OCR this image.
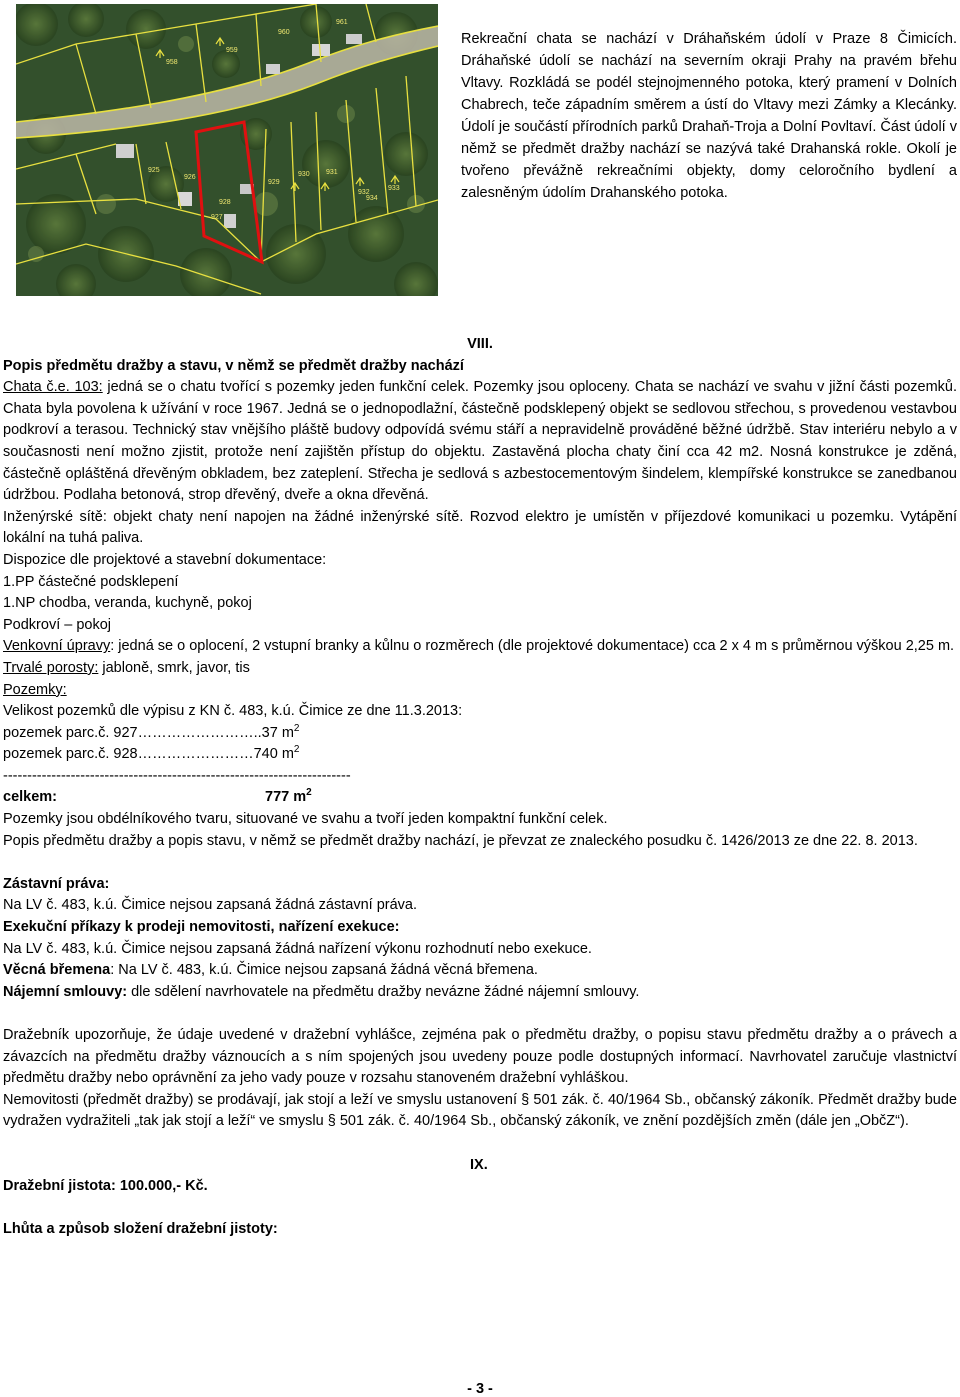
928
927
929
930 931
932
933
934
926
925
958
959
960
961
Rekreační chata se nachází v Dráhaňském údolí v Praze 8 Čimicích. Dráhaňské údolí se nachází na severním okraji Prahy na pravém břehu Vltavy. Rozkládá se podél stejnojmenného potoka, který pramení v Dolních Chabrech, teče západním směrem a ústí do Vltavy mezi Zámky a Klecánky. Údolí je součástí přírodních parků Drahaň-Troja a Dolní Povltaví. Část údolí v němž se předmět dražby nachází se nazývá také Drahanská rokle. Okolí je tvořeno převážně rekreačními objekty, domy celoročního bydlení a zalesněným údolím Drahanského potoka.

VIII.

Popis předmětu dražby a stavu, v němž se předmět dražby nachází

Chata č.e. 103: jedná se o chatu tvořící s pozemky jeden funkční celek. Pozemky jsou oploceny. Chata se nachází ve svahu v jižní části pozemků. Chata byla povolena k užívání v roce 1967. Jedná se o jednopodlažní, částečně podsklepený objekt se sedlovou střechou, s provedenou vestavbou podkroví a terasou. Technický stav vnějšího pláště budovy odpovídá svému stáří a nepravidelně prováděné běžné údržbě. Stav interiéru nebylo a v současnosti není možno zjistit, protože není zajištěn přístup do objektu. Zastavěná plocha chaty činí cca 42 m2. Nosná konstrukce je zděná, částečně opláštěná dřevěným obkladem, bez zateplení. Střecha je sedlová s azbestocementovým šindelem, klempířské konstrukce se zanedbanou údržbou. Podlaha betonová, strop dřevěný, dveře a okna dřevěná.

Inženýrské sítě: objekt chaty není napojen na žádné inženýrské sítě. Rozvod elektro je umístěn v příjezdové komunikaci u pozemku. Vytápění lokální na tuhá paliva.

Dispozice dle projektové a stavební dokumentace:

1.PP částečné podsklepení

1.NP chodba, veranda, kuchyně, pokoj

Podkroví – pokoj

Venkovní úpravy: jedná se o oplocení, 2 vstupní branky a kůlnu o rozměrech (dle projektové dokumentace) cca 2 x 4 m s průměrnou výškou 2,25 m.

Trvalé porosty: jabloně, smrk, javor, tis

Pozemky:

Velikost pozemků dle výpisu z KN č. 483, k.ú. Čimice ze dne 11.3.2013:

pozemek parc.č. 927……………………..37 $m^2$

pozemek parc.č. 928……………………740 $m^2$

------------------------------------------------------------------------

celkem:	777 $m^2$

Pozemky jsou obdélníkového tvaru, situované ve svahu a tvoří jeden kompaktní funkční celek.

Popis předmětu dražby a popis stavu, v němž se předmět dražby nachází, je převzat ze znaleckého posudku č. 1426/2013 ze dne 22. 8. 2013.

Zástavní práva:

Na LV č. 483, k.ú. Čimice nejsou zapsaná žádná zástavní práva.

Exekuční příkazy k prodeji nemovitosti, nařízení exekuce:

Na LV č. 483, k.ú. Čimice nejsou zapsaná žádná nařízení výkonu rozhodnutí nebo exekuce.

Věcná břemena: Na LV č. 483, k.ú. Čimice nejsou zapsaná žádná věcná břemena.

Nájemní smlouvy: dle sdělení navrhovatele na předmětu dražby nevázne žádné nájemní smlouvy.

Dražebník upozorňuje, že údaje uvedené v dražební vyhlášce, zejména pak o předmětu dražby, o popisu stavu předmětu dražby a o právech a závazcích na předmětu dražby váznoucích a s ním spojených jsou uvedeny pouze podle dostupných informací. Navrhovatel zaručuje vlastnictví předmětu dražby nebo oprávnění za jeho vady pouze v rozsahu stanoveném dražební vyhláškou.

Nemovitosti (předmět dražby) se prodávají, jak stojí a leží ve smyslu ustanovení § 501 zák. č. 40/1964 Sb., občanský zákoník. Předmět dražby bude vydražen vydražiteli „tak jak stojí a leží“ ve smyslu § 501 zák. č. 40/1964 Sb., občanský zákoník, ve znění pozdějších změn (dále jen „ObčZ“).

IX.

Dražební jistota: 100.000,- Kč.

Lhůta a způsob složení dražební jistoty:

- 3 -
